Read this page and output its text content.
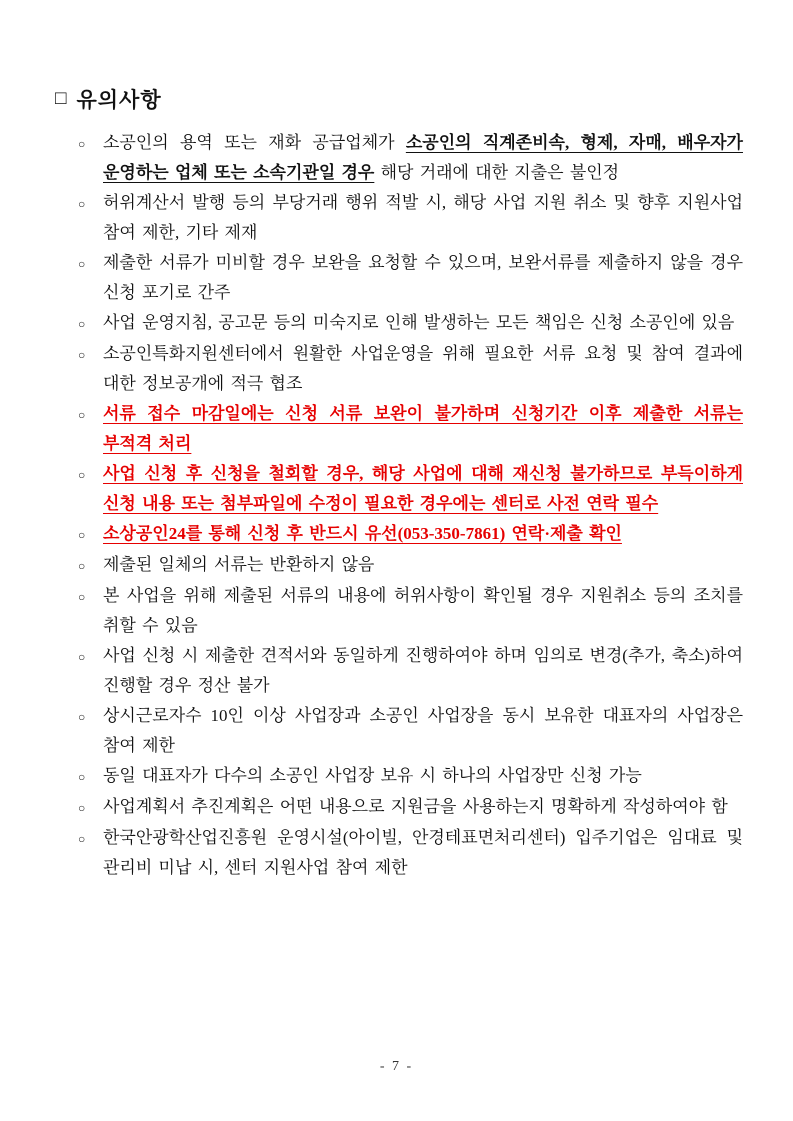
□ 유의사항
○	소공인의 용역 또는 재화 공급업체가 소공인의 직계존비속, 형제, 자매, 배우자가 운영하는 업체 또는 소속기관일 경우 해당 거래에 대한 지출은 불인정
○	허위계산서 발행 등의 부당거래 행위 적발 시, 해당 사업 지원 취소 및 향후 지원사업 참여 제한, 기타 제재
○	제출한 서류가 미비할 경우 보완을 요청할 수 있으며, 보완서류를 제출하지 않을 경우 신청 포기로 간주
○	사업 운영지침, 공고문 등의 미숙지로 인해 발생하는 모든 책임은 신청 소공인에 있음
○	소공인특화지원센터에서 원활한 사업운영을 위해 필요한 서류 요청 및 참여 결과에 대한 정보공개에 적극 협조
○	서류 접수 마감일에는 신청 서류 보완이 불가하며 신청기간 이후 제출한 서류는 부적격 처리
○	사업 신청 후 신청을 철회할 경우, 해당 사업에 대해 재신청 불가하므로 부득이하게 신청 내용 또는 첨부파일에 수정이 필요한 경우에는 센터로 사전 연락 필수
○	소상공인24를 통해 신청 후 반드시 유선(053-350-7861) 연락·제출 확인
○	제출된 일체의 서류는 반환하지 않음
○	본 사업을 위해 제출된 서류의 내용에 허위사항이 확인될 경우 지원취소 등의 조치를 취할 수 있음
○	사업 신청 시 제출한 견적서와 동일하게 진행하여야 하며 임의로 변경(추가, 축소)하여 진행할 경우 정산 불가
○	상시근로자수 10인 이상 사업장과 소공인 사업장을 동시 보유한 대표자의 사업장은 참여 제한
○	동일 대표자가 다수의 소공인 사업장 보유 시 하나의 사업장만 신청 가능
○	사업계획서 추진계획은 어떤 내용으로 지원금을 사용하는지 명확하게 작성하여야 함
○	한국안광학산업진흥원 운영시설(아이빌, 안경테표면처리센터) 입주기업은 임대료 및 관리비 미납 시, 센터 지원사업 참여 제한
- 7 -
